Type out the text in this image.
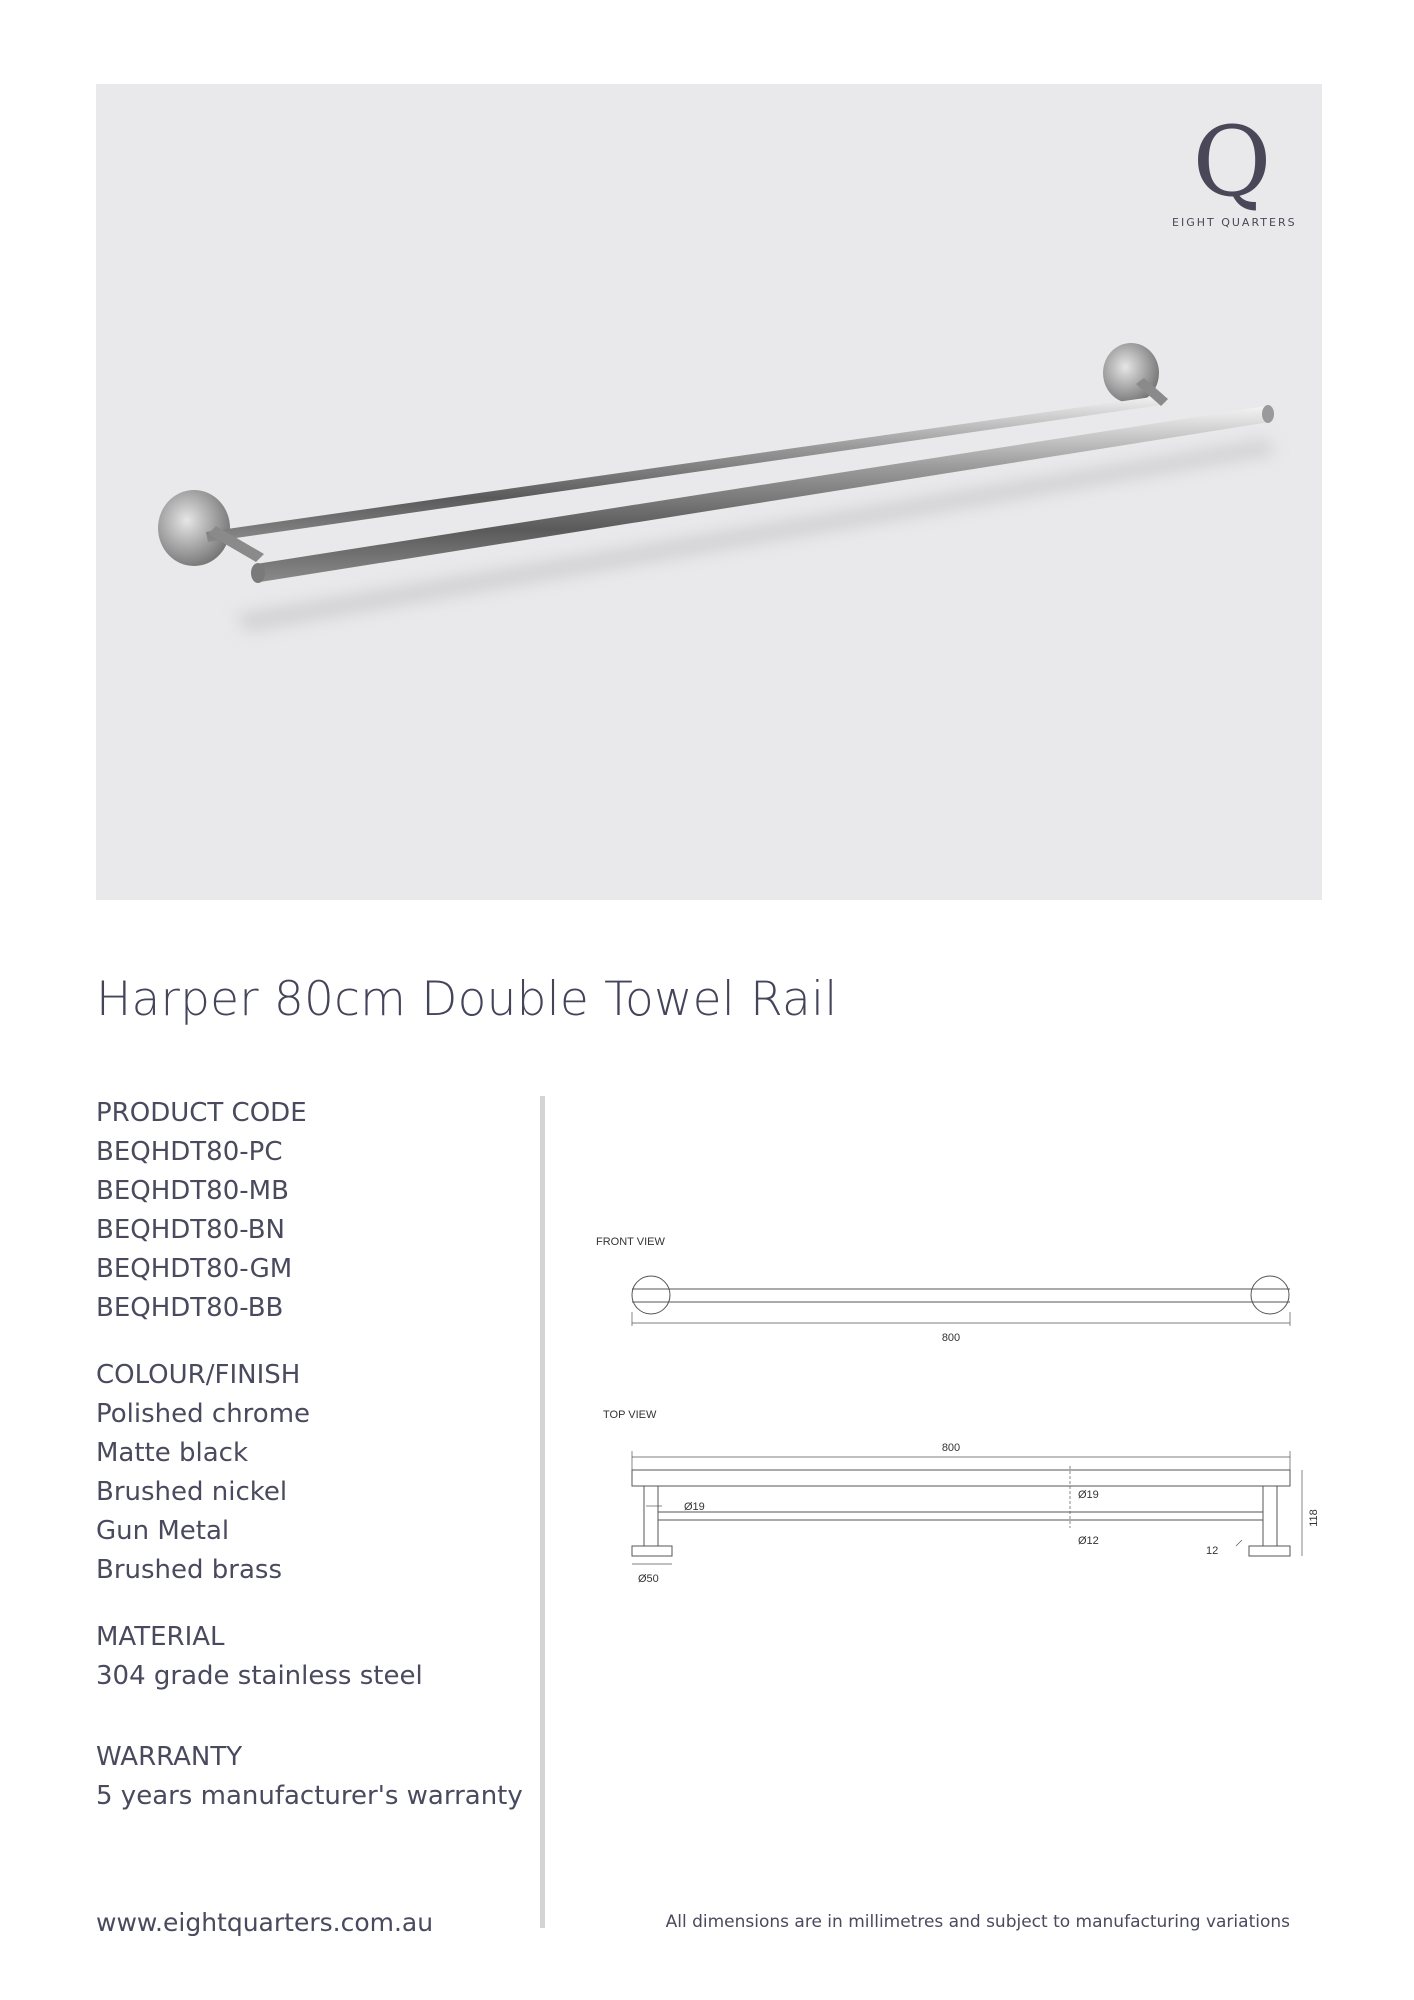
Q
EIGHT QUARTERS
Harper 80cm Double Towel Rail
PRODUCT CODE
BEQHDT80-PC
BEQHDT80-MB
BEQHDT80-BN
BEQHDT80-GM
BEQHDT80-BB
COLOUR/FINISH
Polished chrome
Matte black
Brushed nickel
Gun Metal
Brushed brass
MATERIAL
304 grade stainless steel
WARRANTY
5 years manufacturer's warranty
FRONT VIEW
800
TOP VIEW
800
Ø19
Ø12
Ø19
Ø50
118
12
www.eightquarters.com.au	All dimensions are in millimetres and subject to manufacturing variations
